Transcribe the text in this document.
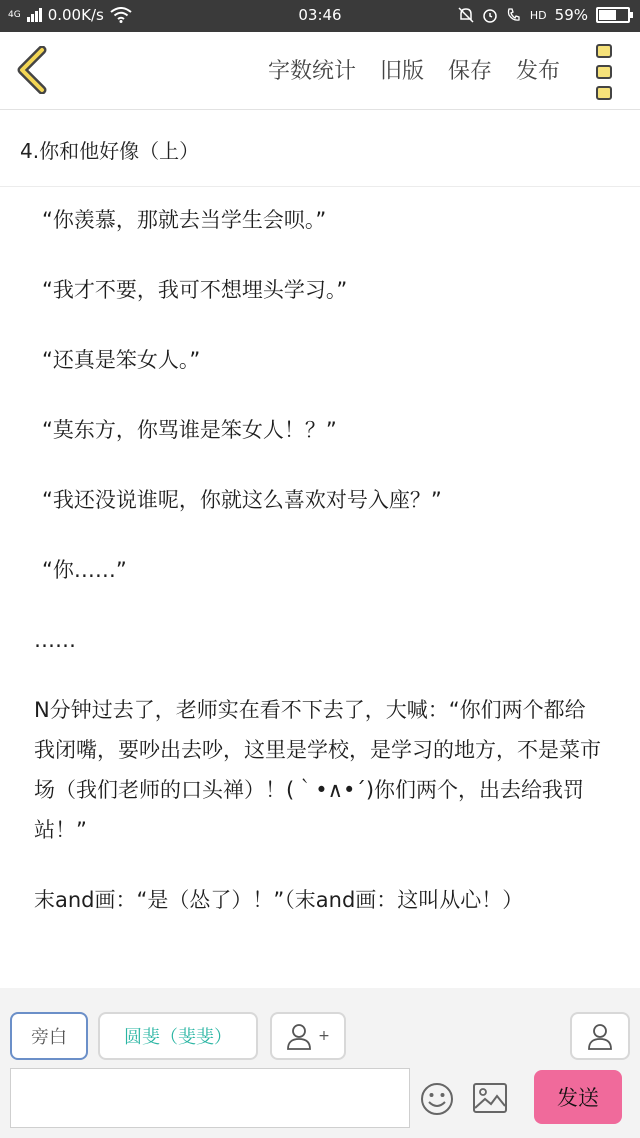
4G 0.00K/s	03:46	HD 59%
字数统计 旧版 保存 发布
4.你和他好像（上）
“你羡慕，那就去当学生会呗。”
“我才不要，我可不想埋头学习。”
“还真是笨女人。”
“莫东方，你骂谁是笨女人！？”
“我还没说谁呢，你就这么喜欢对号入座？”
“你……”
……
N分钟过去了，老师实在看不下去了，大喊：“你们两个都给我闭嘴，要吵出去吵，这里是学校，是学习的地方，不是菜市场（我们老师的口头禅）！(｀•∧•´)你们两个，出去给我罚站！”
末and画：“是（怂了）！”（末and画：这叫从心！）
旁白	圆斐（斐斐）	+
发送
